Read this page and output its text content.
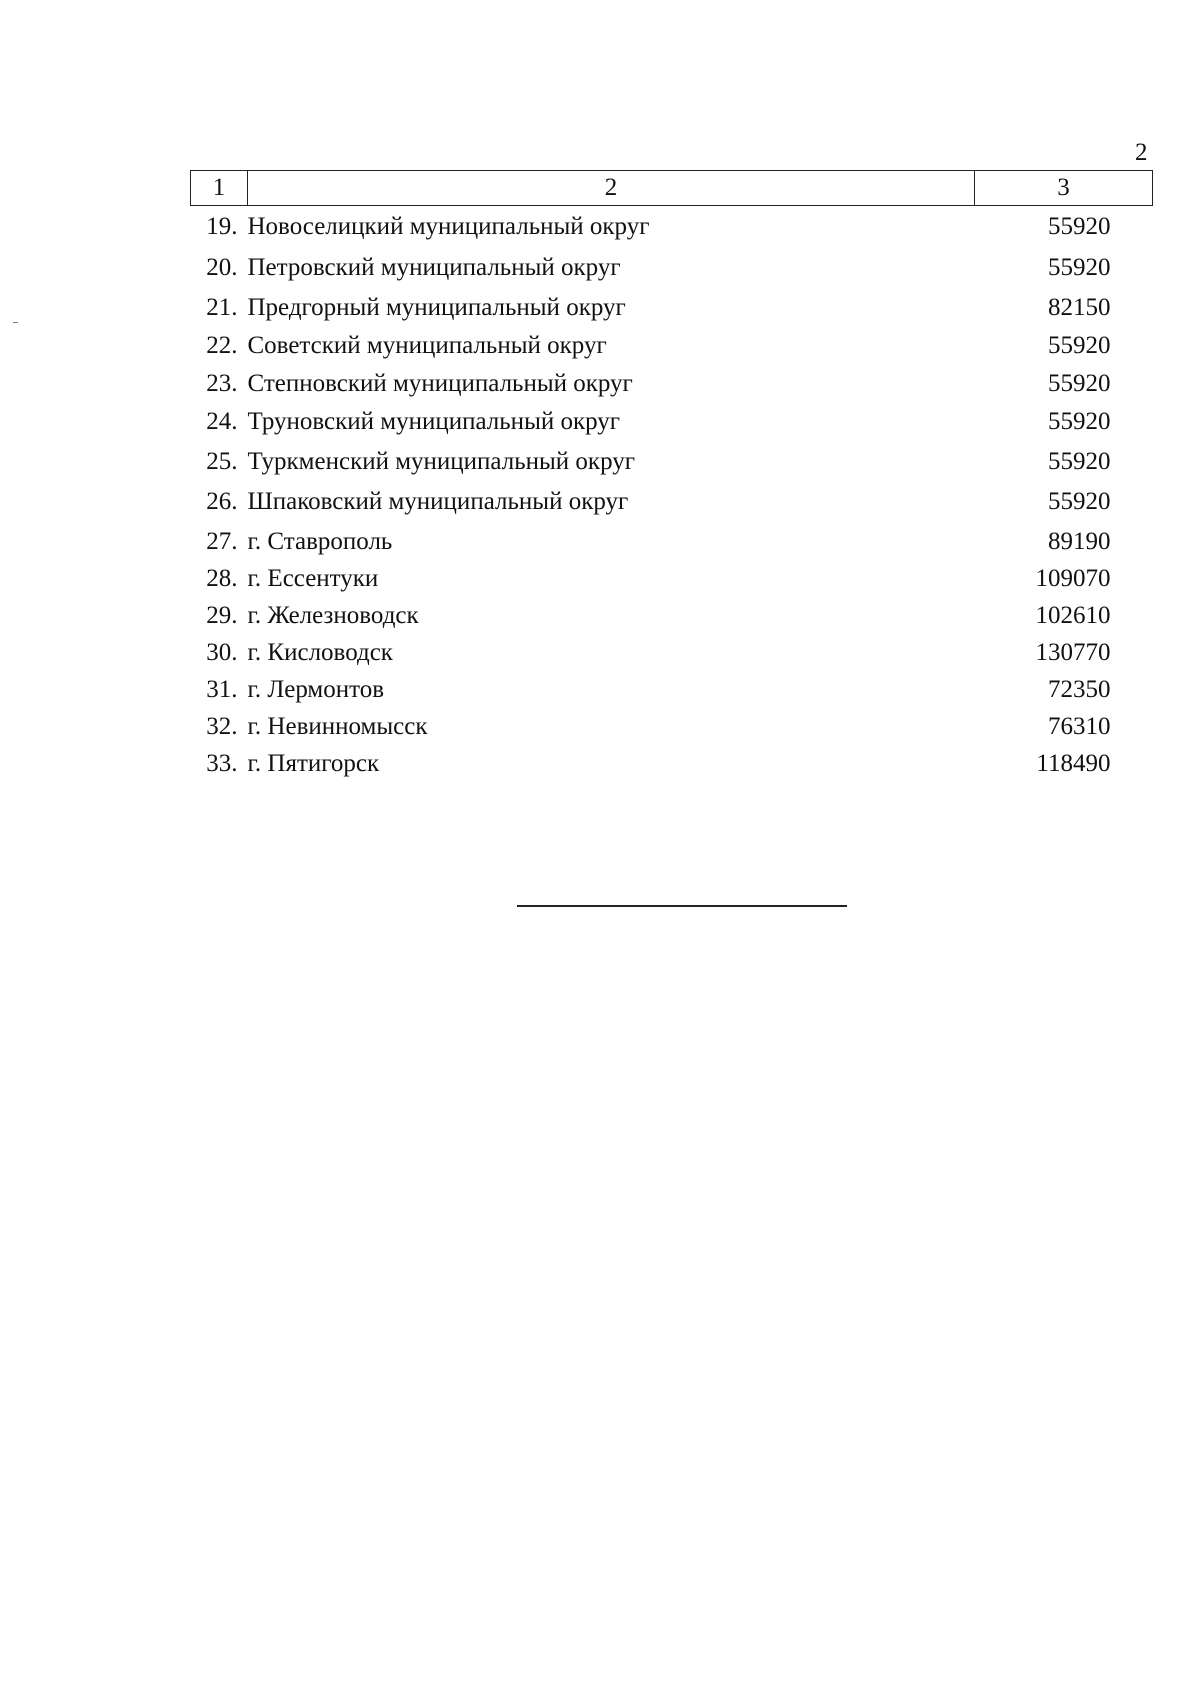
2
1	2	3
19.	Новоселицкий муниципальный округ	55920
20.	Петровский муниципальный округ	55920
21.	Предгорный муниципальный округ	82150
22.	Советский муниципальный округ	55920
23.	Степновский муниципальный округ	55920
24.	Труновский муниципальный округ	55920
25.	Туркменский муниципальный округ	55920
26.	Шпаковский муниципальный округ	55920
27.	г. Ставрополь	89190
28.	г. Ессентуки	109070
29.	г. Железноводск	102610
30.	г. Кисловодск	130770
31.	г. Лермонтов	72350
32.	г. Невинномысск	76310
33.	г. Пятигорск	118490
